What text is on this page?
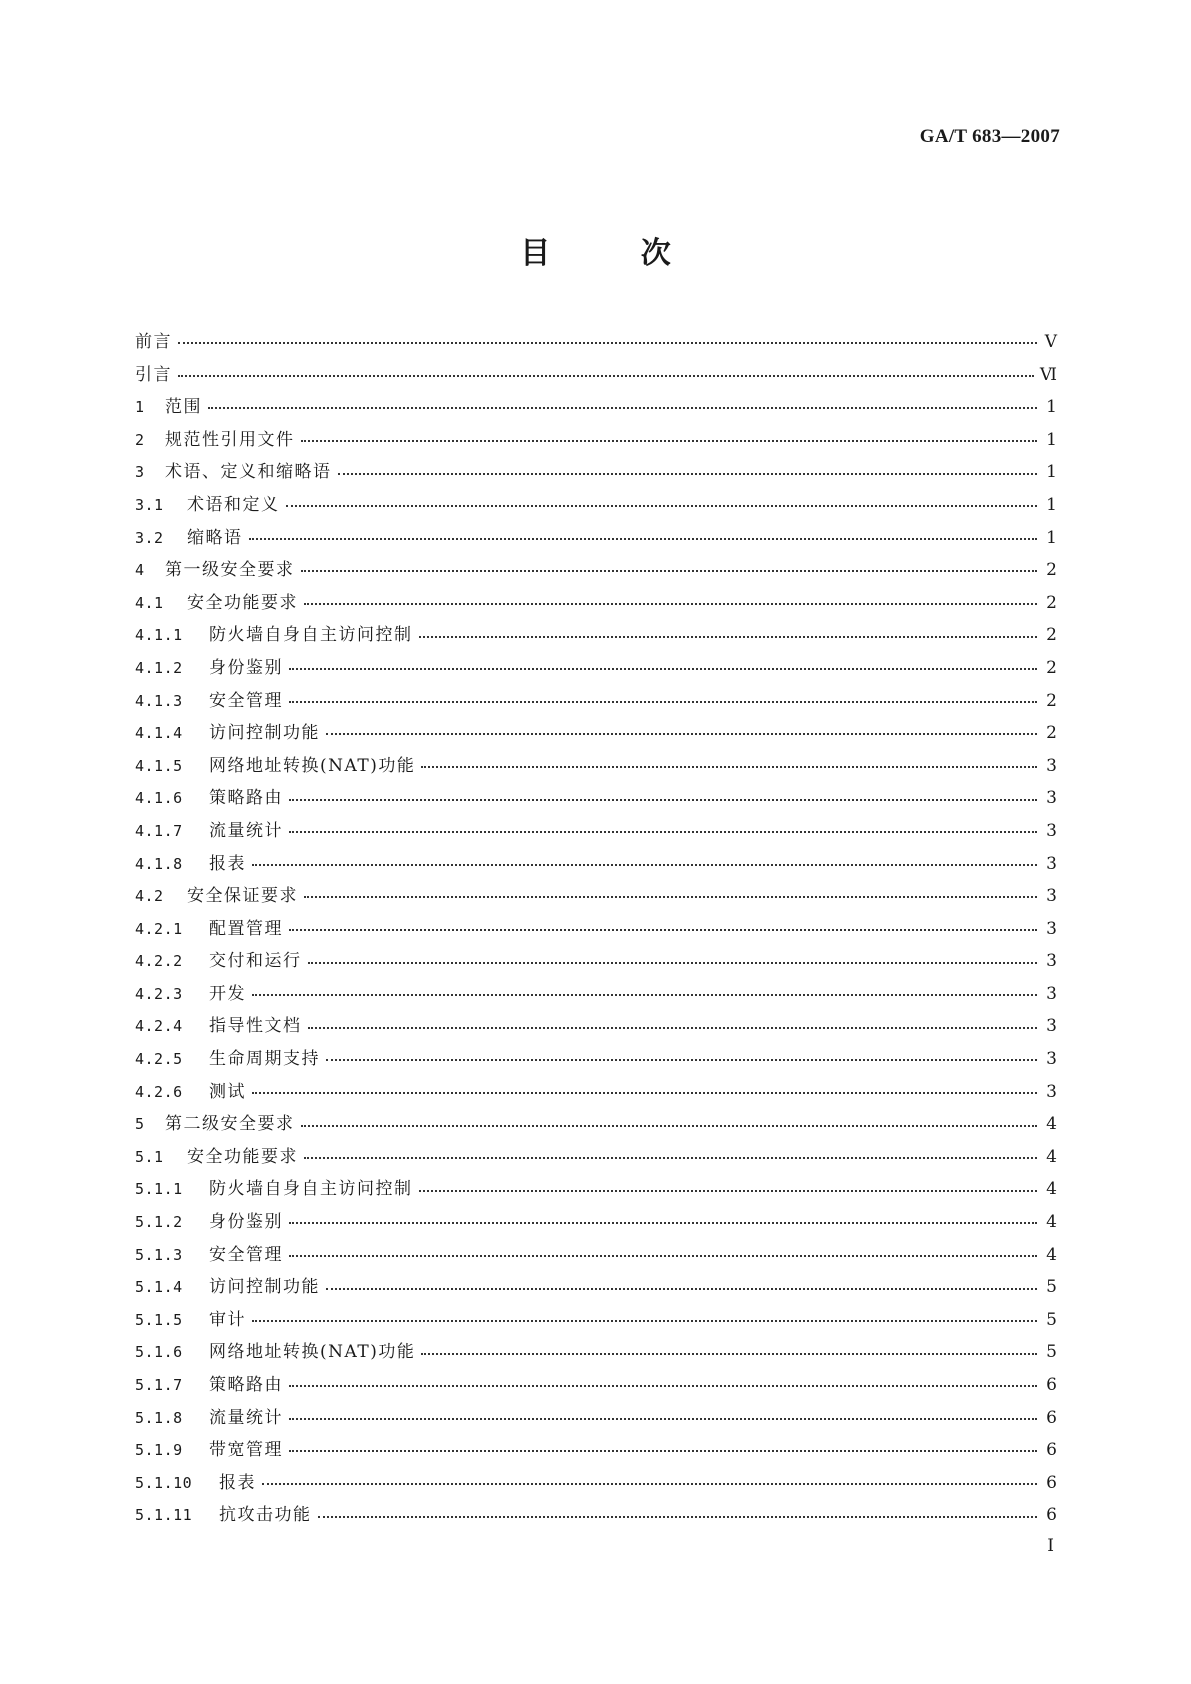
GA/T 683—2007
目 次
前言	Ⅴ
引言	Ⅵ
1	范围	1
2	规范性引用文件	1
3	术语、定义和缩略语	1
3.1	术语和定义	1
3.2	缩略语	1
4	第一级安全要求	2
4.1	安全功能要求	2
4.1.1	防火墙自身自主访问控制	2
4.1.2	身份鉴别	2
4.1.3	安全管理	2
4.1.4	访问控制功能	2
4.1.5	网络地址转换(NAT)功能	3
4.1.6	策略路由	3
4.1.7	流量统计	3
4.1.8	报表	3
4.2	安全保证要求	3
4.2.1	配置管理	3
4.2.2	交付和运行	3
4.2.3	开发	3
4.2.4	指导性文档	3
4.2.5	生命周期支持	3
4.2.6	测试	3
5	第二级安全要求	4
5.1	安全功能要求	4
5.1.1	防火墙自身自主访问控制	4
5.1.2	身份鉴别	4
5.1.3	安全管理	4
5.1.4	访问控制功能	5
5.1.5	审计	5
5.1.6	网络地址转换(NAT)功能	5
5.1.7	策略路由	6
5.1.8	流量统计	6
5.1.9	带宽管理	6
5.1.10	报表	6
5.1.11	抗攻击功能	6
I
